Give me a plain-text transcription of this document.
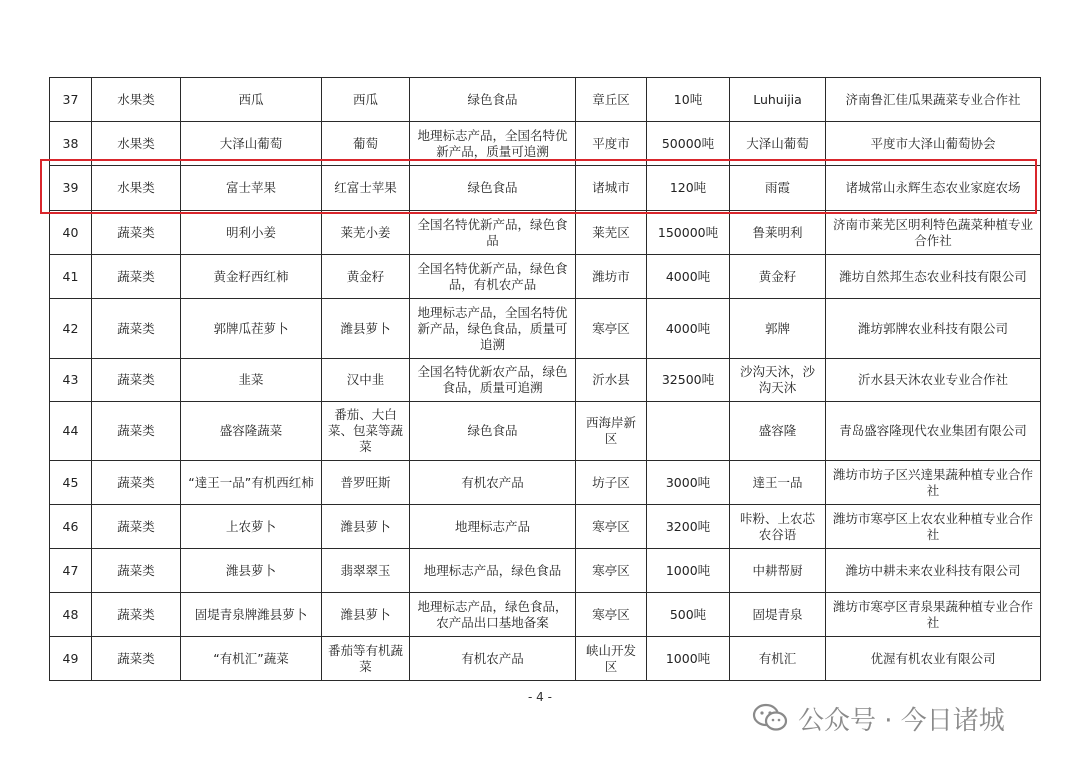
37	水果类	西瓜	西瓜	绿色食品	章丘区	10吨	Luhuijia	济南鲁汇佳瓜果蔬菜专业合作社
38	水果类	大泽山葡萄	葡萄	地理标志产品，全国名特优新产品，质量可追溯	平度市	50000吨	大泽山葡萄	平度市大泽山葡萄协会
39	水果类	富士苹果	红富士苹果	绿色食品	诸城市	120吨	雨霞	诸城常山永辉生态农业家庭农场
40	蔬菜类	明利小姜	莱芜小姜	全国名特优新产品，绿色食品	莱芜区	150000吨	鲁莱明利	济南市莱芜区明利特色蔬菜种植专业合作社
41	蔬菜类	黄金籽西红柿	黄金籽	全国名特优新产品，绿色食品，有机农产品	潍坊市	4000吨	黄金籽	潍坊自然邦生态农业科技有限公司
42	蔬菜类	郭牌瓜茬萝卜	潍县萝卜	地理标志产品，全国名特优新产品，绿色食品，质量可追溯	寒亭区	4000吨	郭牌	潍坊郭牌农业科技有限公司
43	蔬菜类	韭菜	汉中韭	全国名特优新农产品，绿色食品，质量可追溯	沂水县	32500吨	沙沟天沐，沙沟天沐	沂水县天沐农业专业合作社
44	蔬菜类	盛容隆蔬菜	番茄、大白菜、包菜等蔬菜	绿色食品	西海岸新区		盛容隆	青岛盛容隆现代农业集团有限公司
45	蔬菜类	“達王一品”有机西红柿	普罗旺斯	有机农产品	坊子区	3000吨	達王一品	潍坊市坊子区兴達果蔬种植专业合作社
46	蔬菜类	上农萝卜	潍县萝卜	地理标志产品	寒亭区	3200吨	咔粉、上农芯农谷语	潍坊市寒亭区上农农业种植专业合作社
47	蔬菜类	潍县萝卜	翡翠翠玉	地理标志产品，绿色食品	寒亭区	1000吨	中耕帮厨	潍坊中耕未来农业科技有限公司
48	蔬菜类	固堤青泉牌潍县萝卜	潍县萝卜	地理标志产品，绿色食品，农产品出口基地备案	寒亭区	500吨	固堤青泉	潍坊市寒亭区青泉果蔬种植专业合作社
49	蔬菜类	“有机汇”蔬菜	番茄等有机蔬菜	有机农产品	峡山开发区	1000吨	有机汇	优渥有机农业有限公司
- 4 -
公众号 · 今日诸城
